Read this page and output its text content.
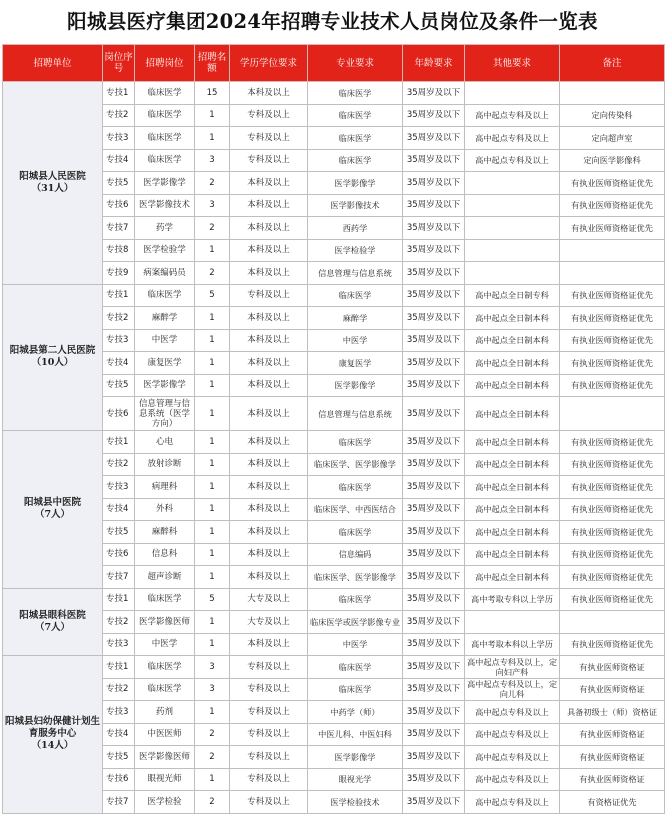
阳城县医疗集团2024年招聘专业技术人员岗位及条件一览表
招聘单位	岗位序号	招聘岗位	招聘名额	学历学位要求	专业要求	年龄要求	其他要求	备注

阳城县人民医院
（31人）	专技1	临床医学	15	本科及以上	临床医学	35周岁及以下		
	专技2	临床医学	1	专科及以上	临床医学	35周岁及以下	高中起点专科及以上	定向传染科
	专技3	临床医学	1	专科及以上	临床医学	35周岁及以下	高中起点专科及以上	定向超声室
	专技4	临床医学	3	专科及以上	临床医学	35周岁及以下	高中起点专科及以上	定向医学影像科
	专技5	医学影像学	2	本科及以上	医学影像学	35周岁及以下		有执业医师资格证优先
	专技6	医学影像技术	3	本科及以上	医学影像技术	35周岁及以下		有执业医师资格证优先
	专技7	药学	2	本科及以上	西药学	35周岁及以下		有执业医师资格证优先
	专技8	医学检验学	1	本科及以上	医学检验学	35周岁及以下		
	专技9	病案编码员	2	本科及以上	信息管理与信息系统	35周岁及以下		

阳城县第二人民医院
（10人）	专技1	临床医学	5	专科及以上	临床医学	35周岁及以下	高中起点全日制专科	有执业医师资格证优先
	专技2	麻醉学	1	本科及以上	麻醉学	35周岁及以下	高中起点全日制本科	有执业医师资格证优先
	专技3	中医学	1	本科及以上	中医学	35周岁及以下	高中起点全日制本科	有执业医师资格证优先
	专技4	康复医学	1	本科及以上	康复医学	35周岁及以下	高中起点全日制本科	有执业医师资格证优先
	专技5	医学影像学	1	本科及以上	医学影像学	35周岁及以下	高中起点全日制本科	有执业医师资格证优先
	专技6	信息管理与信息系统（医学方向）	1	本科及以上	信息管理与信息系统	35周岁及以下	高中起点全日制本科	

阳城县中医院
（7人）	专技1	心电	1	本科及以上	临床医学	35周岁及以下	高中起点全日制本科	有执业医师资格证优先
	专技2	放射诊断	1	本科及以上	临床医学、医学影像学	35周岁及以下	高中起点全日制本科	有执业医师资格证优先
	专技3	病理科	1	本科及以上	临床医学	35周岁及以下	高中起点全日制本科	有执业医师资格证优先
	专技4	外科	1	本科及以上	临床医学、中西医结合	35周岁及以下	高中起点全日制本科	有执业医师资格证优先
	专技5	麻醉科	1	本科及以上	临床医学	35周岁及以下	高中起点全日制本科	有执业医师资格证优先
	专技6	信息科	1	本科及以上	信息编码	35周岁及以下	高中起点全日制本科	有执业医师资格证优先
	专技7	超声诊断	1	本科及以上	临床医学、医学影像学	35周岁及以下	高中起点全日制本科	有执业医师资格证优先

阳城县眼科医院
（7人）	专技1	临床医学	5	大专及以上	临床医学	35周岁及以下	高中考取专科以上学历	有执业医师资格证优先
	专技2	医学影像医师	1	大专及以上	临床医学或医学影像专业	35周岁及以下		
	专技3	中医学	1	本科及以上	中医学	35周岁及以下	高中考取本科以上学历	有执业医师资格证优先

阳城县妇幼保健计划生育服务中心
（14人）	专技1	临床医学	3	专科及以上	临床医学	35周岁及以下	高中起点专科及以上，定向妇产科	有执业医师资格证
	专技2	临床医学	3	专科及以上	临床医学	35周岁及以下	高中起点专科及以上，定向儿科	有执业医师资格证
	专技3	药剂	1	专科及以上	中药学（师）	35周岁及以下	高中起点专科及以上	具备初级士（师）资格证
	专技4	中医医师	2	专科及以上	中医儿科、中医妇科	35周岁及以下	高中起点专科及以上	有执业医师资格证
	专技5	医学影像医师	2	专科及以上	医学影像学	35周岁及以下	高中起点专科及以上	有执业医师资格证
	专技6	眼视光师	1	专科及以上	眼视光学	35周岁及以下	高中起点专科及以上	有执业医师资格证
	专技7	医学检验	2	专科及以上	医学检验技术	35周岁及以下	高中起点专科及以上	有资格证优先
